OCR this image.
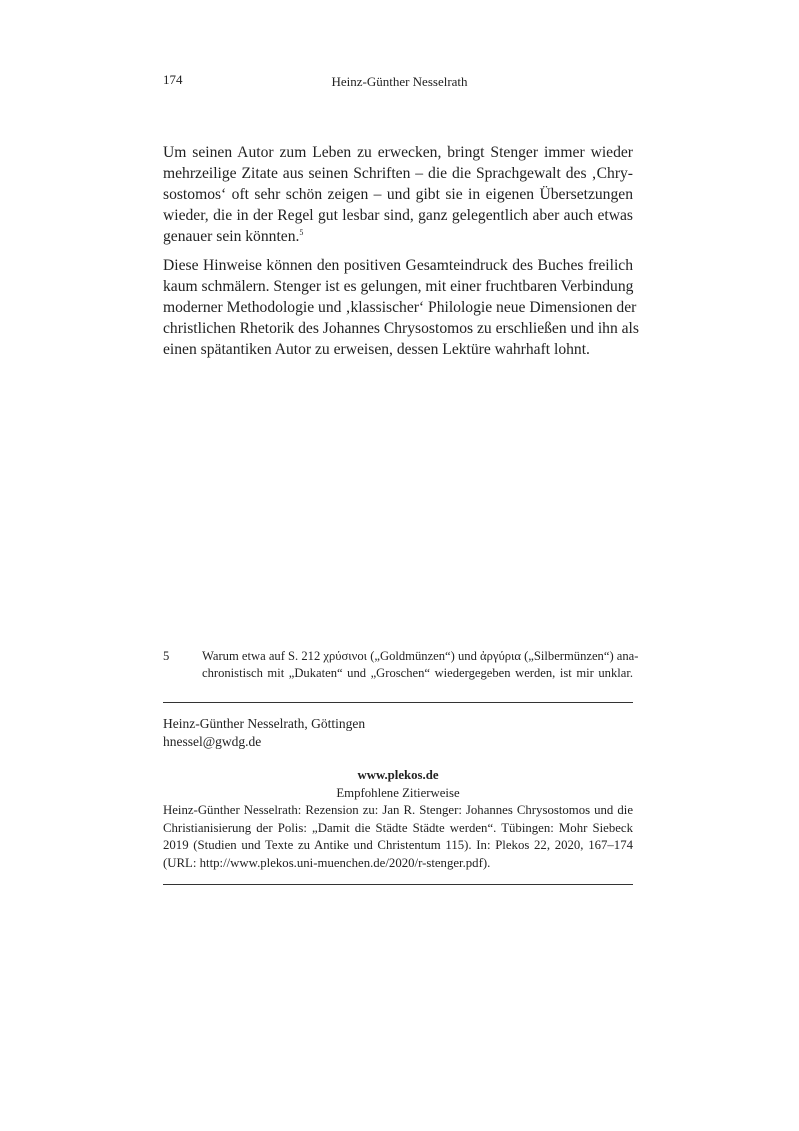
174	Heinz-Günther Nesselrath
Um seinen Autor zum Leben zu erwecken, bringt Stenger immer wieder
mehrzeilige Zitate aus seinen Schriften – die die Sprachgewalt des ‚Chry-
sostomos‘ oft sehr schön zeigen – und gibt sie in eigenen Übersetzungen
wieder, die in der Regel gut lesbar sind, ganz gelegentlich aber auch etwas
genauer sein könnten.$^5$
Diese Hinweise können den positiven Gesamteindruck des Buches freilich
kaum schmälern. Stenger ist es gelungen, mit einer fruchtbaren Verbindung
moderner Methodologie und ‚klassischer‘ Philologie neue Dimensionen der
christlichen Rhetorik des Johannes Chrysostomos zu erschließen und ihn als
einen spätantiken Autor zu erweisen, dessen Lektüre wahrhaft lohnt.
5	Warum etwa auf S. 212 χρύσινοι („Goldmünzen“) und ἀργύρια („Silbermünzen“) ana-
chronistisch mit „Dukaten“ und „Groschen“ wiedergegeben werden, ist mir unklar.
Heinz-Günther Nesselrath, Göttingen
hnessel@gwdg.de
www.plekos.de
Empfohlene Zitierweise
Heinz-Günther Nesselrath: Rezension zu: Jan R. Stenger: Johannes Chrysostomos und die
Christianisierung der Polis: „Damit die Städte Städte werden“. Tübingen: Mohr Siebeck
2019 (Studien und Texte zu Antike und Christentum 115). In: Plekos 22, 2020, 167–174
(URL: http://www.plekos.uni-muenchen.de/2020/r-stenger.pdf).
